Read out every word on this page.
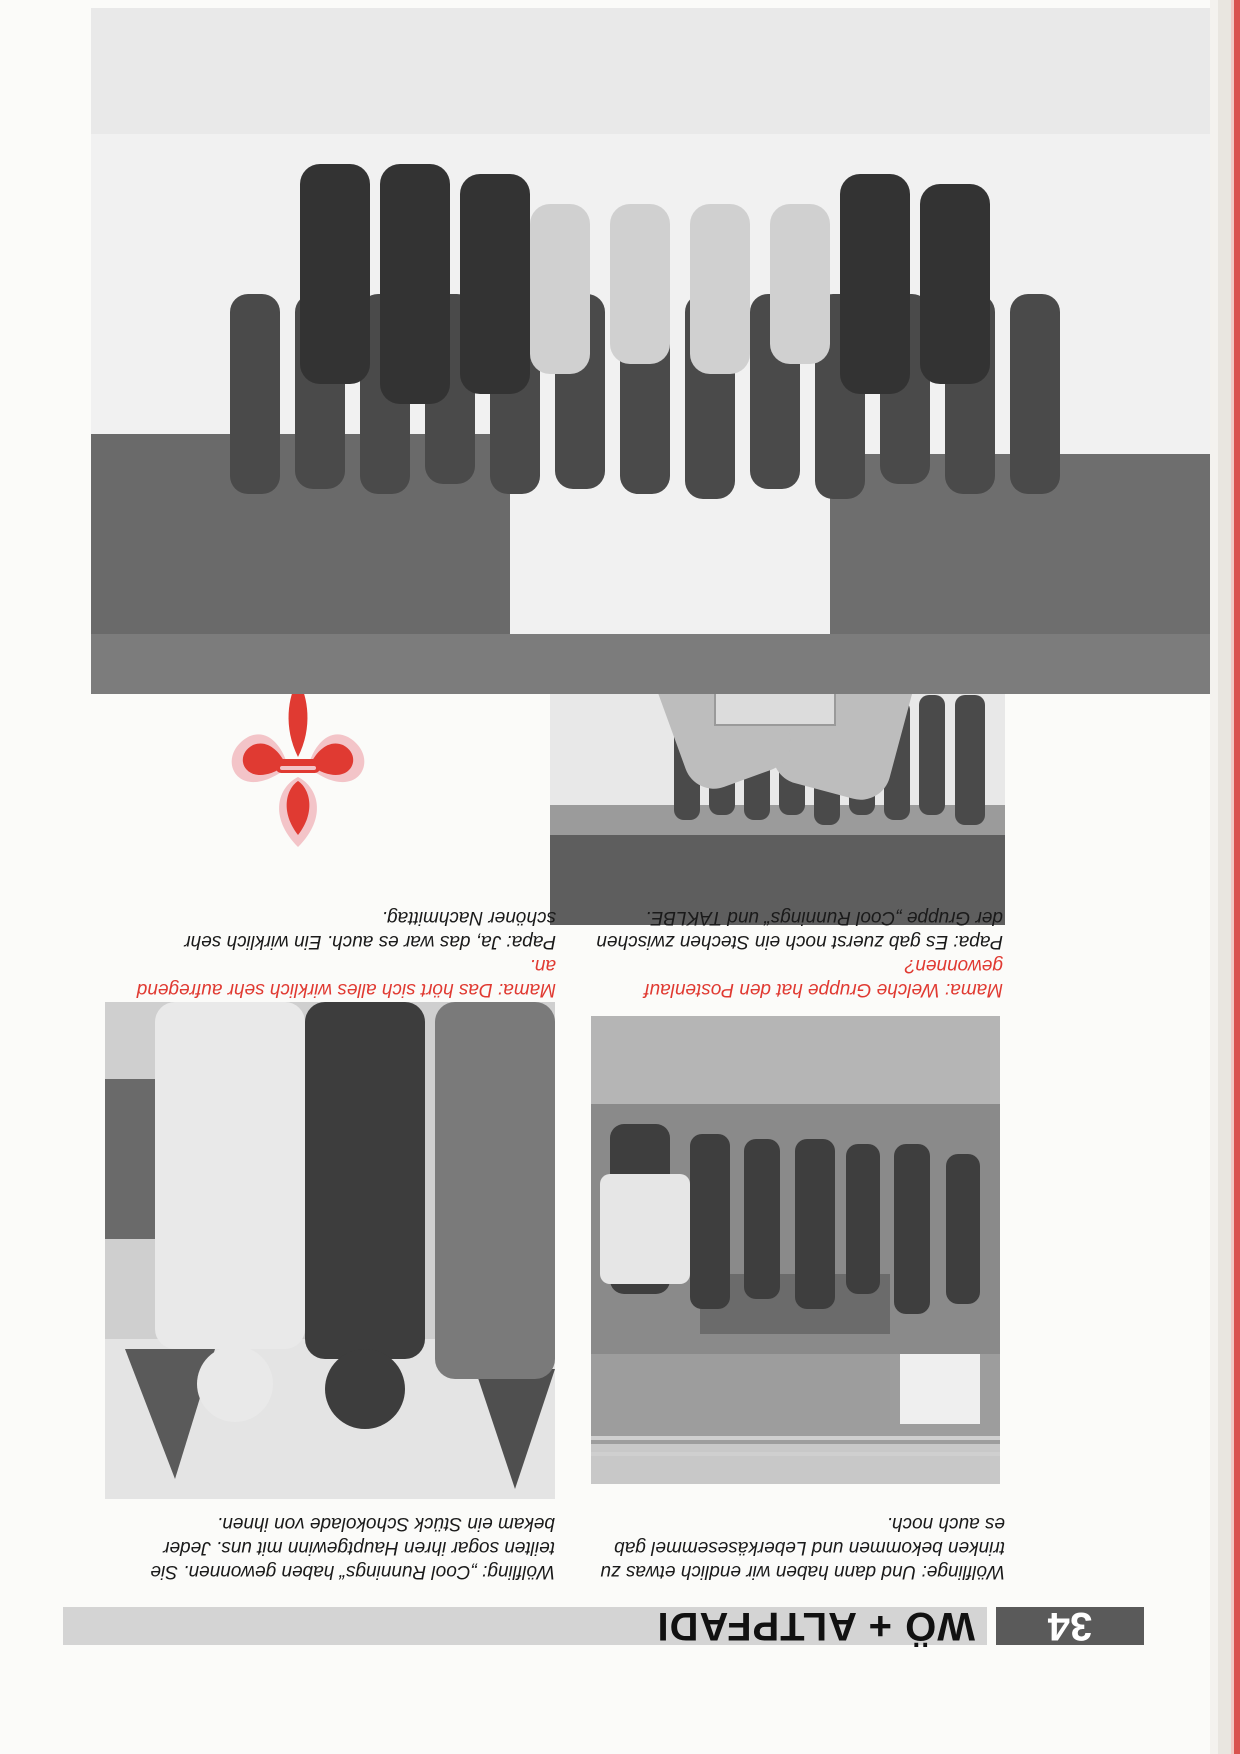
34
WÖ + ALTPFADI
Wölflinge: Und dann haben wir endlich etwas zu trinken bekommen und Leberkäsesemmel gab es auch noch.
Wölfling: „Cool Runnings“ haben gewonnen. Sie teilten sogar ihren Hauptgewinn mit uns. Jeder bekam ein Stück Schokolade von ihnen.
Mama: Welche Gruppe hat den Postenlauf gewonnen?
Papa: Es gab zuerst noch ein Stechen zwischen der Gruppe „Cool Runnings“ und TAKLBE.
Mama: Das hört sich alles wirklich sehr aufregend an.
Papa: Ja, das war es auch. Ein wirklich sehr schöner Nachmittag.
